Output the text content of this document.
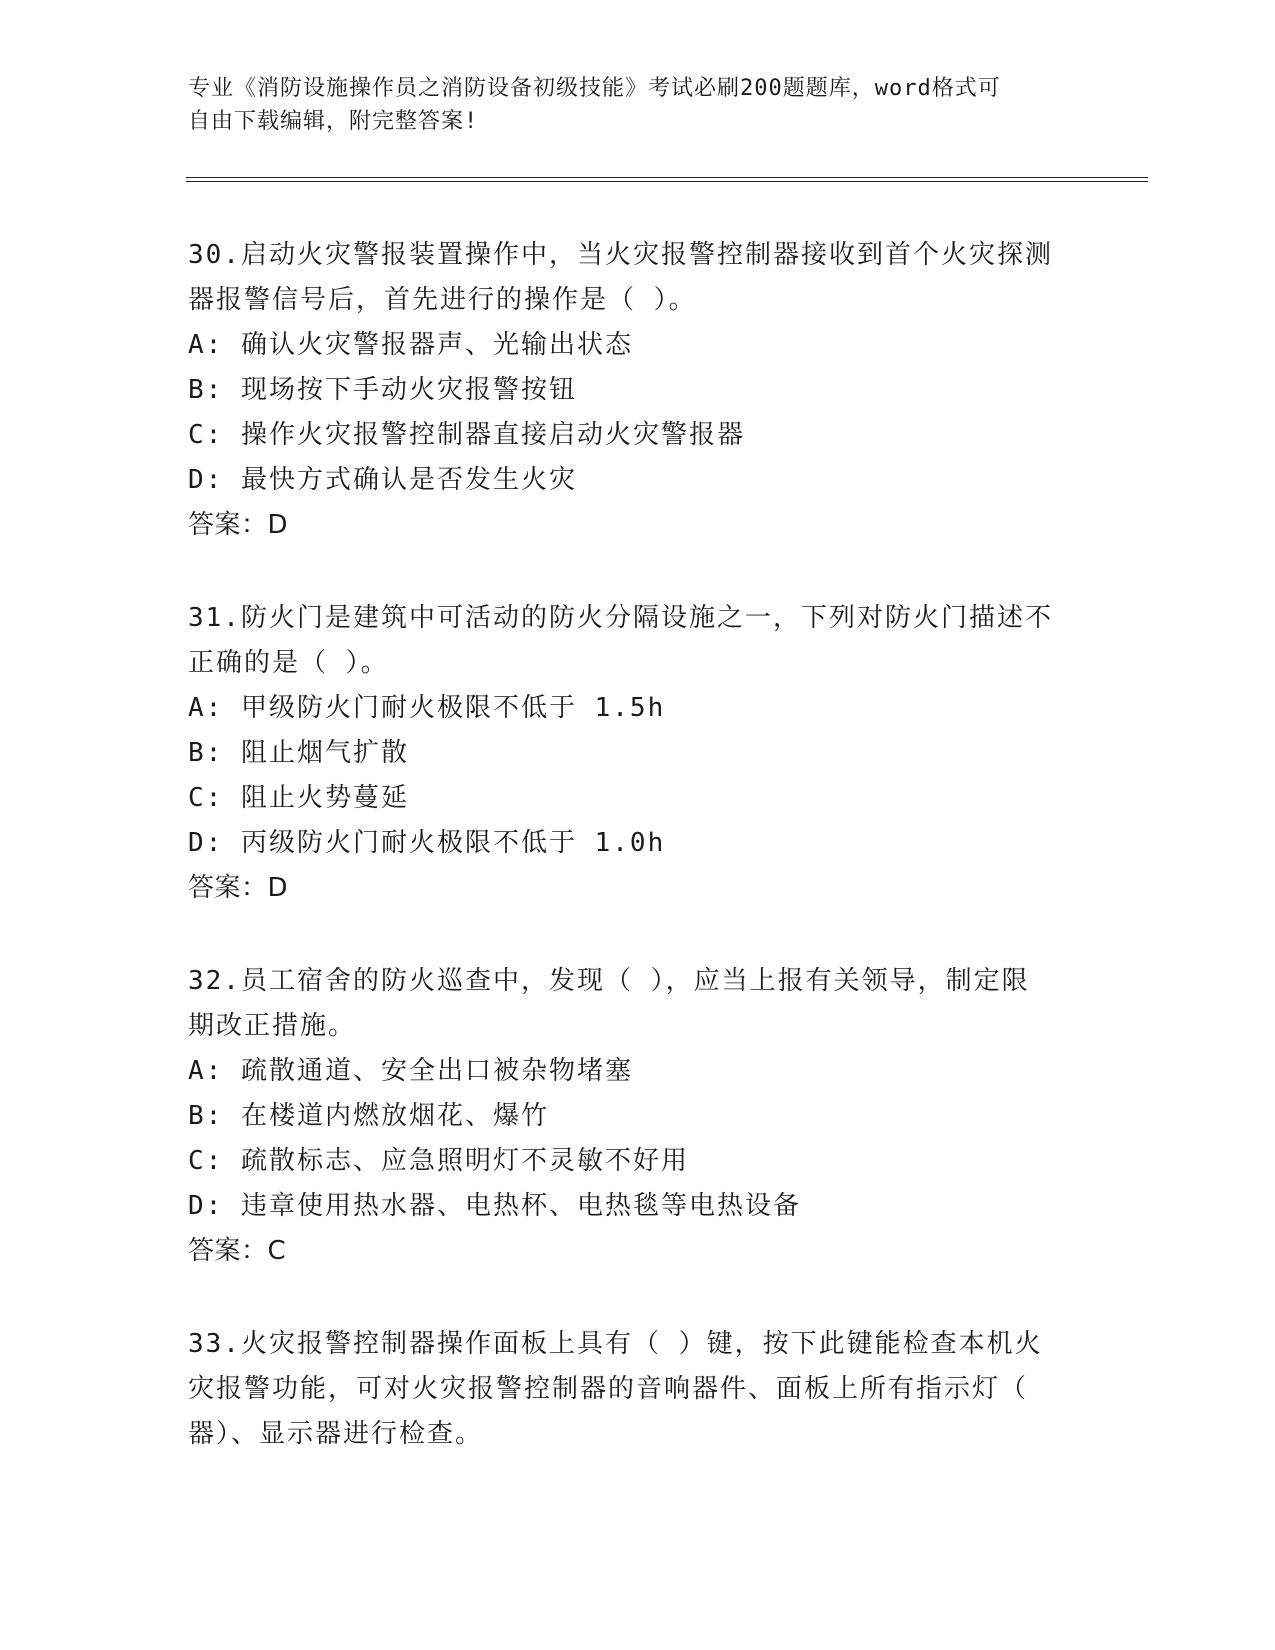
专业《消防设施操作员之消防设备初级技能》考试必刷200题题库，word格式可
自由下载编辑，附完整答案!
30.启动火灾警报装置操作中，当火灾报警控制器接收到首个火灾探测
器报警信号后，首先进行的操作是（ ）。
A: 确认火灾警报器声、光输出状态
B: 现场按下手动火灾报警按钮
C: 操作火灾报警控制器直接启动火灾警报器
D: 最快方式确认是否发生火灾
答案：D
31.防火门是建筑中可活动的防火分隔设施之一，下列对防火门描述不
正确的是（ ）。
A: 甲级防火门耐火极限不低于 1.5h
B: 阻止烟气扩散
C: 阻止火势蔓延
D: 丙级防火门耐火极限不低于 1.0h
答案：D
32.员工宿舍的防火巡查中，发现（ ），应当上报有关领导，制定限
期改正措施。
A: 疏散通道、安全出口被杂物堵塞
B: 在楼道内燃放烟花、爆竹
C: 疏散标志、应急照明灯不灵敏不好用
D: 违章使用热水器、电热杯、电热毯等电热设备
答案：C
33.火灾报警控制器操作面板上具有（ ）键，按下此键能检查本机火
灾报警功能，可对火灾报警控制器的音响器件、面板上所有指示灯（
器）、显示器进行检查。
